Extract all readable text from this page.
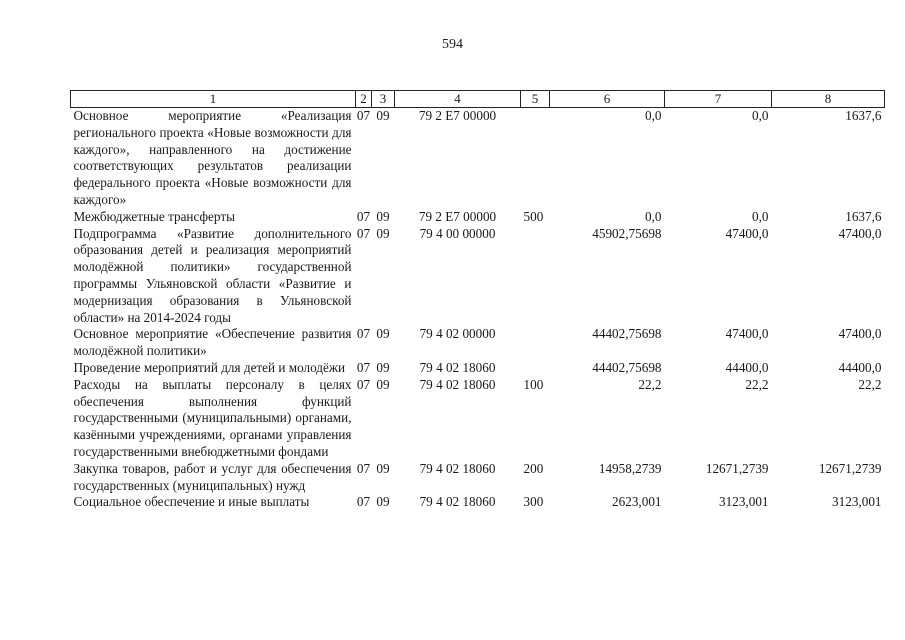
594
1	2	3	4	5	6	7	8
Основное мероприятие «Реализация регионального проекта «Новые возможности для каждого», направленного на достижение соответствующих результатов реализации федерального проекта «Новые возможности для каждого»	07	09	79 2 Е7 00000		0,0	0,0	1637,6
Межбюджетные трансферты	07	09	79 2 Е7 00000	500	0,0	0,0	1637,6
Подпрограмма «Развитие дополнительного образования детей и реализация мероприятий молодёжной политики» государственной программы Ульяновской области «Развитие и модернизация образования в Ульяновской области» на 2014-2024 годы	07	09	79 4 00 00000		45902,75698	47400,0	47400,0
Основное мероприятие «Обеспечение развития молодёжной политики»	07	09	79 4 02 00000		44402,75698	47400,0	47400,0
Проведение мероприятий для детей и молодёжи	07	09	79 4 02 18060		44402,75698	44400,0	44400,0
Расходы на выплаты персоналу в целях обеспечения выполнения функций государственными (муниципальными) органами, казёнными учреждениями, органами управления государственными внебюджетными фондами	07	09	79 4 02 18060	100	22,2	22,2	22,2
Закупка товаров, работ и услуг для обеспечения государственных (муниципальных) нужд	07	09	79 4 02 18060	200	14958,2739	12671,2739	12671,2739
Социальное обеспечение и иные выплаты	07	09	79 4 02 18060	300	2623,001	3123,001	3123,001
